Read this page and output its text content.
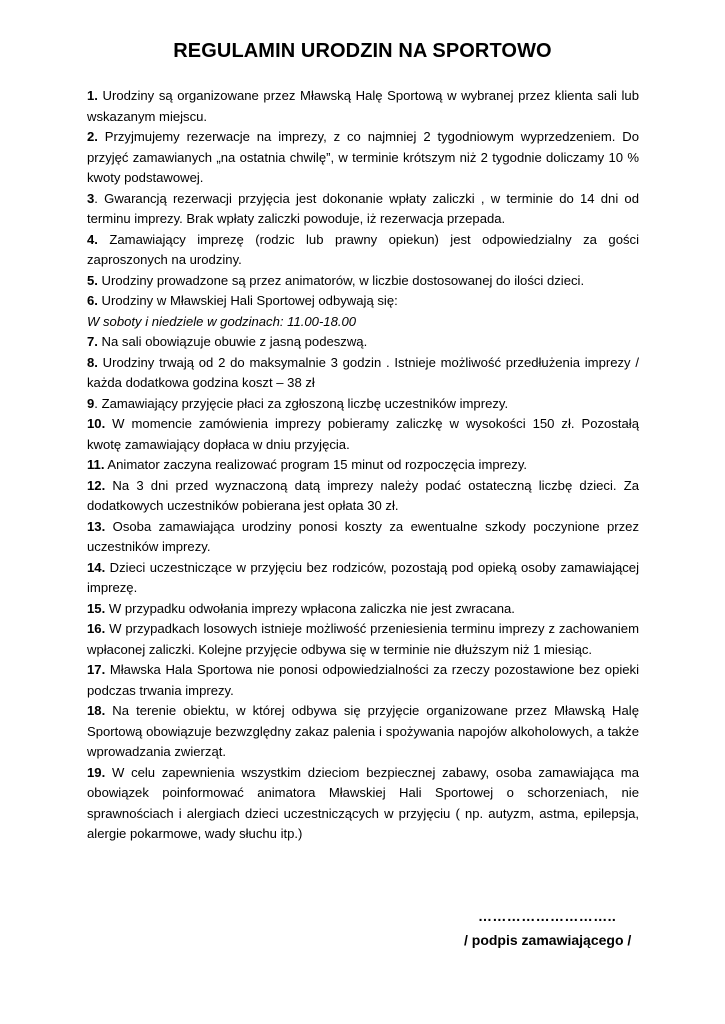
REGULAMIN URODZIN NA SPORTOWO

1. Urodziny są organizowane przez Mławską Halę Sportową w wybranej przez klienta sali lub wskazanym miejscu.

2. Przyjmujemy rezerwacje na imprezy, z co najmniej 2 tygodniowym wyprzedzeniem. Do przyjęć zamawianych „na ostatnia chwilę”, w terminie krótszym niż 2 tygodnie doliczamy 10 % kwoty podstawowej.

3. Gwarancją rezerwacji przyjęcia jest dokonanie wpłaty zaliczki , w terminie do 14 dni od terminu imprezy. Brak wpłaty zaliczki powoduje, iż rezerwacja przepada.

4. Zamawiający imprezę (rodzic lub prawny opiekun) jest odpowiedzialny za gości zaproszonych na urodziny.

5. Urodziny prowadzone są przez animatorów, w liczbie dostosowanej do ilości dzieci.

6. Urodziny w Mławskiej Hali Sportowej odbywają się:

W soboty i niedziele w godzinach: 11.00-18.00

7. Na sali obowiązuje obuwie z jasną podeszwą.

8. Urodziny trwają od 2 do maksymalnie 3 godzin . Istnieje możliwość przedłużenia imprezy / każda dodatkowa godzina koszt – 38 zł

9. Zamawiający przyjęcie płaci za zgłoszoną liczbę uczestników imprezy.

10. W momencie zamówienia imprezy pobieramy zaliczkę w wysokości 150 zł. Pozostałą kwotę zamawiający dopłaca w dniu przyjęcia.

11. Animator zaczyna realizować program 15 minut od rozpoczęcia imprezy.

12. Na 3 dni przed wyznaczoną datą imprezy należy podać ostateczną liczbę dzieci. Za dodatkowych uczestników pobierana jest opłata 30 zł.

13. Osoba zamawiająca urodziny ponosi koszty za ewentualne szkody poczynione przez uczestników imprezy.

14. Dzieci uczestniczące w przyjęciu bez rodziców, pozostają pod opieką osoby zamawiającej imprezę.

15. W przypadku odwołania imprezy wpłacona zaliczka nie jest zwracana.

16. W przypadkach losowych istnieje możliwość przeniesienia terminu imprezy z zachowaniem wpłaconej zaliczki. Kolejne przyjęcie odbywa się w terminie nie dłuższym niż 1 miesiąc.

17. Mławska Hala Sportowa nie ponosi odpowiedzialności za rzeczy pozostawione bez opieki podczas trwania imprezy.

18. Na terenie obiektu, w której odbywa się przyjęcie organizowane przez Mławską Halę Sportową obowiązuje bezwzględny zakaz palenia i spożywania napojów alkoholowych, a także wprowadzania zwierząt.

19. W celu zapewnienia wszystkim dzieciom bezpiecznej zabawy, osoba zamawiająca ma obowiązek poinformować animatora Mławskiej Hali Sportowej o schorzeniach, nie sprawnościach i alergiach dzieci uczestniczących w przyjęciu ( np. autyzm, astma, epilepsja, alergie pokarmowe, wady słuchu itp.)

………………………..
/ podpis zamawiającego /
